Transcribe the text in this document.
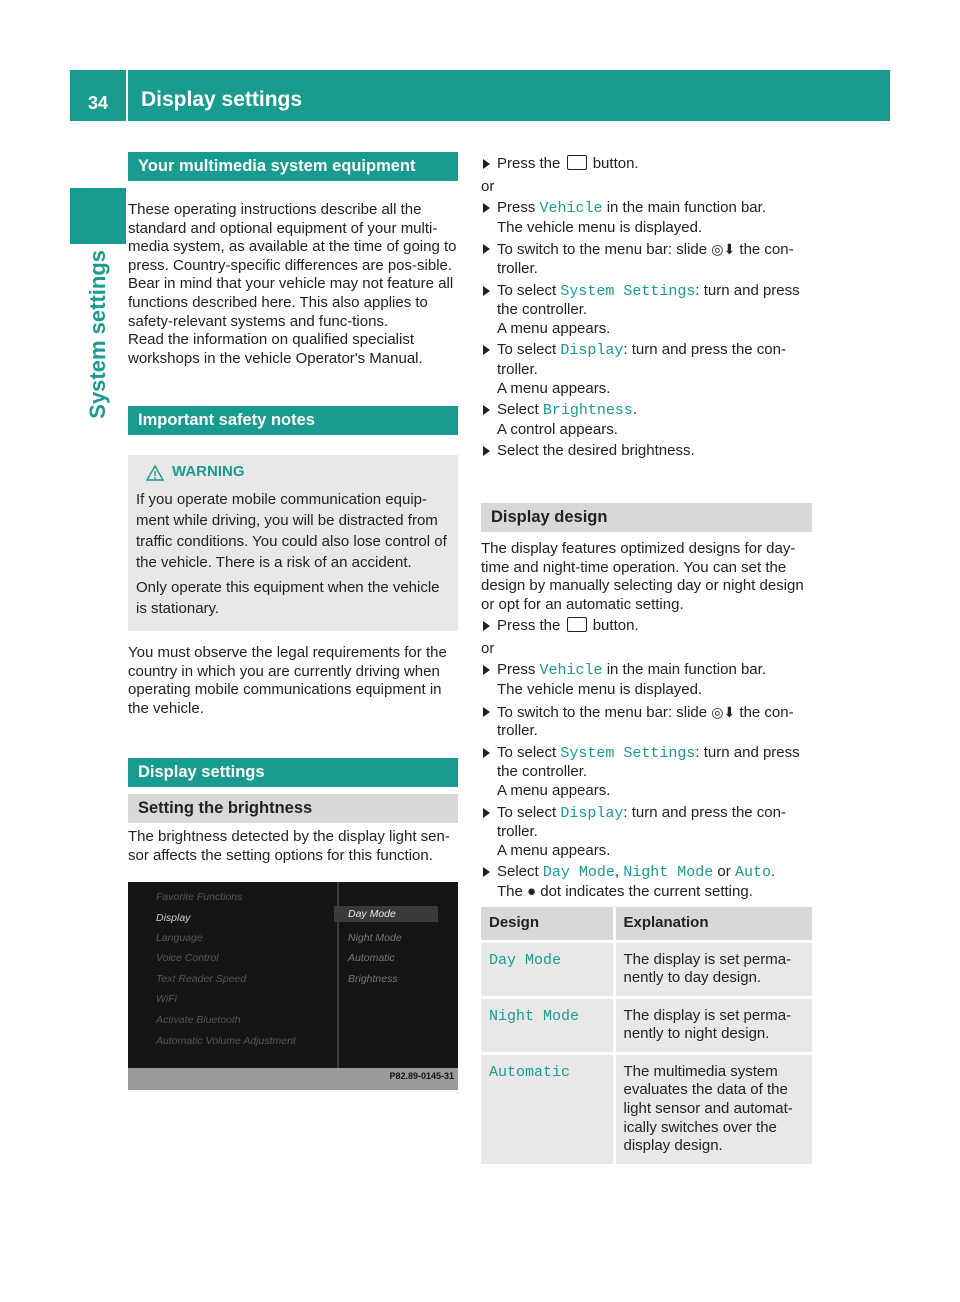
34	Display settings
System settings
Your multimedia system equipment
These operating instructions describe all the standard and optional equipment of your multi-media system, as available at the time of going to press. Country-specific differences are pos-sible. Bear in mind that your vehicle may not feature all functions described here. This also applies to safety-relevant systems and func-tions.
Read the information on qualified specialist workshops in the vehicle Operator's Manual.
Important safety notes
WARNING

If you operate mobile communication equip-ment while driving, you will be distracted from traffic conditions. You could also lose control of the vehicle. There is a risk of an accident.

Only operate this equipment when the vehicle is stationary.

You must observe the legal requirements for the country in which you are currently driving when operating mobile communications equipment in the vehicle.
Display settings
Setting the brightness
The brightness detected by the display light sen-sor affects the setting options for this function.
Favorite Functions
Display
Language
Voice Control
Text Reader Speed
WiFi
Activate Bluetooth
Automatic Volume Adjustment
Day Mode
Night Mode
Automatic
Brightness
P82.89-0145-31
Press the button.
or
Press Vehicle in the main function bar.
The vehicle menu is displayed.
To switch to the menu bar: slide ◎⬇ the con-troller.
To select System Settings: turn and press the controller.
A menu appears.
To select Display: turn and press the con-troller.
A menu appears.
Select Brightness.
A control appears.
Select the desired brightness.
Display design
The display features optimized designs for day-time and night-time operation. You can set the design by manually selecting day or night design or opt for an automatic setting.
Press the button.
or
Press Vehicle in the main function bar.
The vehicle menu is displayed.
To switch to the menu bar: slide ◎⬇ the con-troller.
To select System Settings: turn and press the controller.
A menu appears.
To select Display: turn and press the con-troller.
A menu appears.
Select Day Mode, Night Mode or Auto.
The ● dot indicates the current setting.
Design	Explanation
Day Mode	The display is set perma-nently to day design.
Night Mode	The display is set perma-nently to night design.
Automatic	The multimedia system evaluates the data of the light sensor and automat-ically switches over the display design.
